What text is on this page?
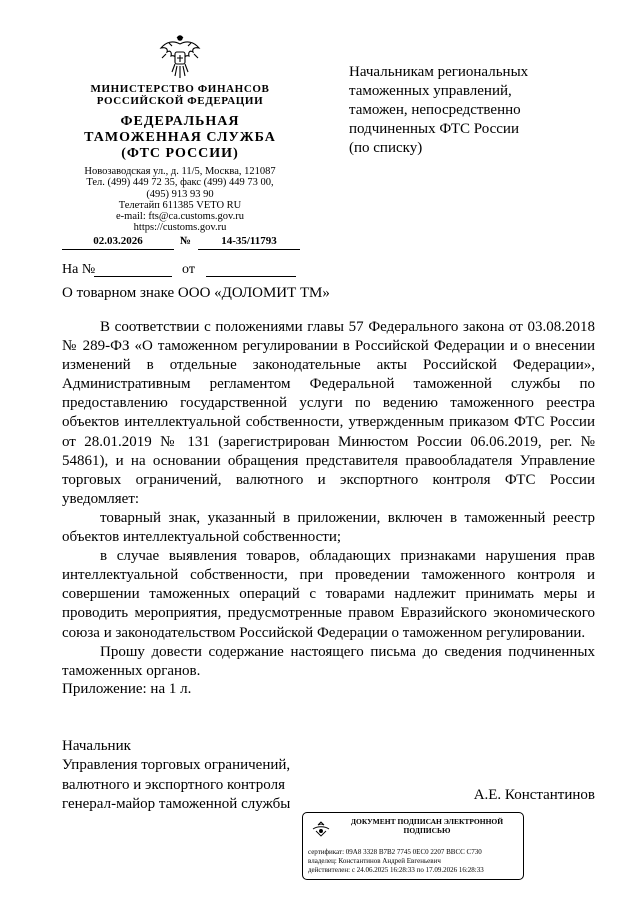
МИНИСТЕРСТВО ФИНАНСОВ
РОССИЙСКОЙ ФЕДЕРАЦИИ
ФЕДЕРАЛЬНАЯ
ТАМОЖЕННАЯ СЛУЖБА
(ФТС РОССИИ)
Новозаводская ул., д. 11/5, Москва, 121087
Тел. (499) 449 72 35, факс (499) 449 73 00,
(495) 913 93 90
Телетайп 611385 VETO RU
e-mail: fts@ca.customs.gov.ru
https://customs.gov.ru
02.03.2026	№	14-35/11793
На №	от
Начальникам региональных
таможенных управлений,
таможен, непосредственно
подчиненных ФТС России
(по списку)
О товарном знаке ООО «ДОЛОМИТ ТМ»

В соответствии с положениями главы 57 Федерального закона от 03.08.2018 № 289-ФЗ «О таможенном регулировании в Российской Федерации и о внесении изменений в отдельные законодательные акты Российской Федерации», Административным регламентом Федеральной таможенной службы по предоставлению государственной услуги по ведению таможенного реестра объектов интеллектуальной собственности, утвержденным приказом ФТС России от 28.01.2019 № 131 (зарегистрирован Минюстом России 06.06.2019, рег. № 54861), и на основании обращения представителя правообладателя Управление торговых ограничений, валютного и экспортного контроля ФТС России уведомляет:

товарный знак, указанный в приложении, включен в таможенный реестр объектов интеллектуальной собственности;

в случае выявления товаров, обладающих признаками нарушения прав интеллектуальной собственности, при проведении таможенного контроля и совершении таможенных операций с товарами надлежит принимать меры и проводить мероприятия, предусмотренные правом Евразийского экономического союза и законодательством Российской Федерации о таможенном регулировании.

Прошу довести содержание настоящего письма до сведения подчиненных таможенных органов.

Приложение: на 1 л.
Начальник
Управления торговых ограничений,
валютного и экспортного контроля
генерал-майор таможенной службы
А.Е. Константинов
ДОКУМЕНТ ПОДПИСАН ЭЛЕКТРОННОЙ
ПОДПИСЬЮ
сертификат: 09A8 3328 B7B2 7745 0EC0 2207 BBCC C730
владелец: Константинов Андрей Евгеньевич
действителен: с 24.06.2025 16:28:33 по 17.09.2026 16:28:33
